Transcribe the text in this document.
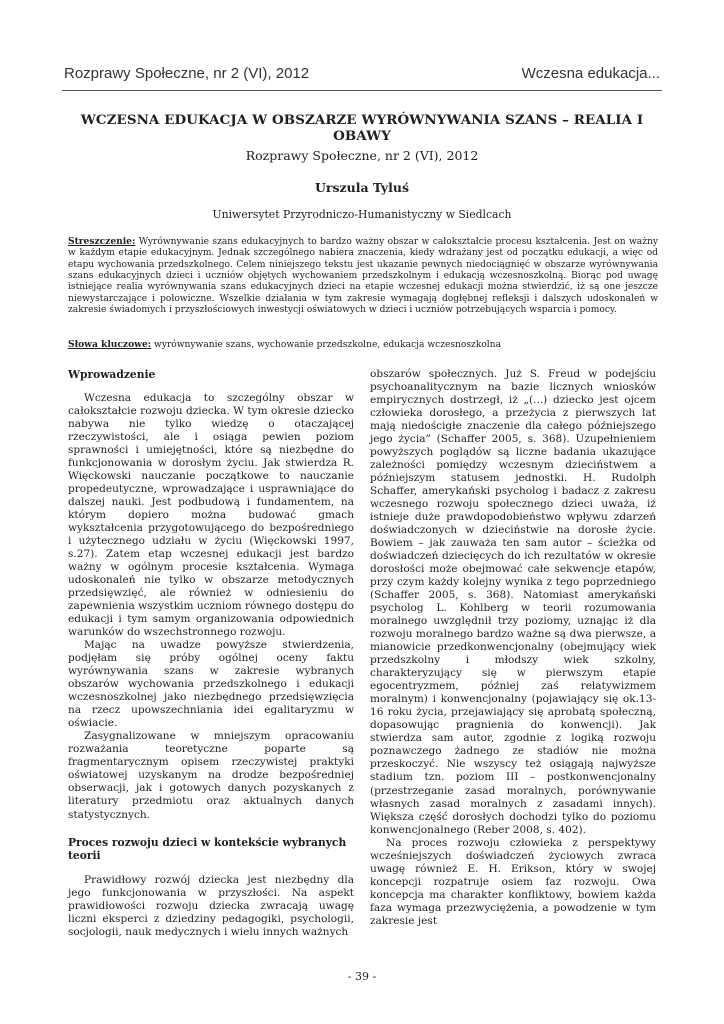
Rozprawy Społeczne, nr 2 (VI), 2012	Wczesna edukacja...
WCZESNA EDUKACJA W OBSZARZE WYRÓWNYWANIA SZANS – REALIA I OBAWY
Rozprawy Społeczne, nr 2 (VI), 2012
Urszula Tyluś
Uniwersytet Przyrodniczo-Humanistyczny w Siedlcach
Streszczenie: Wyrównywanie szans edukacyjnych to bardzo ważny obszar w całokształcie procesu kształcenia. Jest on ważny w każdym etapie edukacyjnym. Jednak szczególnego nabiera znaczenia, kiedy wdrażany jest od początku edukacji, a więc od etapu wychowania przedszkolnego. Celem niniejszego tekstu jest ukazanie pewnych niedociągnięć w obszarze wyrównywania szans edukacyjnych dzieci i uczniów objętych wychowaniem przedszkolnym i edukacją wczesnoszkolną. Biorąc pod uwagę istniejące realia wyrównywania szans edukacyjnych dzieci na etapie wczesnej edukacji można stwierdzić, iż są one jeszcze niewystarczające i połowiczne. Wszelkie działania w tym zakresie wymagają dogłębnej refleksji i dalszych udoskonaleń w zakresie świadomych i przyszłościowych inwestycji oświatowych w dzieci i uczniów potrzebujących wsparcia i pomocy.
Słowa kluczowe: wyrównywanie szans, wychowanie przedszkolne, edukacja wczesnoszkolna
Wprowadzenie

Wczesna edukacja to szczególny obszar w całokształcie rozwoju dziecka. W tym okresie dziecko nabywa nie tylko wiedzę o otaczającej rzeczywistości, ale i osiąga pewien poziom sprawności i umiejętności, które są niezbędne do funkcjonowania w dorosłym życiu. Jak stwierdza R. Więckowski nauczanie początkowe to nauczanie propedeutyczne, wprowadzające i usprawniające do dalszej nauki. Jest podbudową i fundamentem, na którym dopiero można budować gmach wykształcenia przygotowującego do bezpośredniego i użytecznego udziału w życiu (Więckowski 1997, s.27). Zatem etap wczesnej edukacji jest bardzo ważny w ogólnym procesie kształcenia. Wymaga udoskonaleń nie tylko w obszarze metodycznych przedsięwzięć, ale również w odniesieniu do zapewnienia wszystkim uczniom równego dostępu do edukacji i tym samym organizowania odpowiednich warunków do wszechstronnego rozwoju.

Mając na uwadze powyższe stwierdzenia, podjęłam się próby ogólnej oceny faktu wyrównywania szans w zakresie wybranych obszarów wychowania przedszkolnego i edukacji wczesnoszkolnej jako niezbędnego przedsięwzięcia na rzecz upowszechniania idei egalitaryzmu w oświacie.

Zasygnalizowane w mniejszym opracowaniu rozważania teoretyczne poparte są fragmentarycznym opisem rzeczywistej praktyki oświatowej uzyskanym na drodze bezpośredniej obserwacji, jak i gotowych danych pozyskanych z literatury przedmiotu oraz aktualnych danych statystycznych.

Proces rozwoju dzieci w kontekście wybranych teorii

Prawidłowy rozwój dziecka jest niezbędny dla jego funkcjonowania w przyszłości. Na aspekt prawidłowości rozwoju dziecka zwracają uwagę liczni eksperci z dziedziny pedagogiki, psychologii, socjologii, nauk medycznych i wielu innych ważnych

obszarów społecznych. Już S. Freud w podejściu psychoanalitycznym na bazie licznych wniosków empirycznych dostrzegł, iż „(...) dziecko jest ojcem człowieka dorosłego, a przeżycia z pierwszych lat mają niedościgłe znaczenie dla całego późniejszego jego życia” (Schaffer 2005, s. 368). Uzupełnieniem powyższych poglądów są liczne badania ukazujące zależności pomiędzy wczesnym dzieciństwem a późniejszym statusem jednostki. H. Rudolph Schaffer, amerykański psycholog i badacz z zakresu wczesnego rozwoju społecznego dzieci uważa, iż istnieje duże prawdopodobieństwo wpływu zdarzeń doświadczonych w dzieciństwie na dorosłe życie. Bowiem – jak zauważa ten sam autor – ścieżka od doświadczeń dziecięcych do ich rezultatów w okresie dorosłości może obejmować całe sekwencje etapów, przy czym każdy kolejny wynika z tego poprzedniego (Schaffer 2005, s. 368). Natomiast amerykański psycholog L. Kohlberg w teorii rozumowania moralnego uwzględnił trzy poziomy, uznając iż dla rozwoju moralnego bardzo ważne są dwa pierwsze, a mianowicie przedkonwencjonalny (obejmujący wiek przedszkolny i młodszy wiek szkolny, charakteryzujący się w pierwszym etapie egocentryzmem, później zaś relatywizmem moralnym) i konwencjonalny (pojawiający się ok.13-16 roku życia, przejawiający się aprobatą społeczną, dopasowując pragnienia do konwencji). Jak stwierdza sam autor, zgodnie z logiką rozwoju poznawczego żadnego ze stadiów nie można przeskoczyć. Nie wszyscy też osiągają najwyższe stadium tzn. poziom III – postkonwencjonalny (przestrzeganie zasad moralnych, porównywanie własnych zasad moralnych z zasadami innych). Większa część dorosłych dochodzi tylko do poziomu konwencjonalnego (Reber 2008, s. 402).

Na proces rozwoju człowieka z perspektywy wcześniejszych doświadczeń życiowych zwraca uwagę również E. H. Erikson, który w swojej koncepcji rozpatruje osiem faz rozwoju. Owa koncepcja ma charakter konfliktowy, bowiem każda faza wymaga przezwyciężenia, a powodzenie w tym zakresie jest

- 39 -
